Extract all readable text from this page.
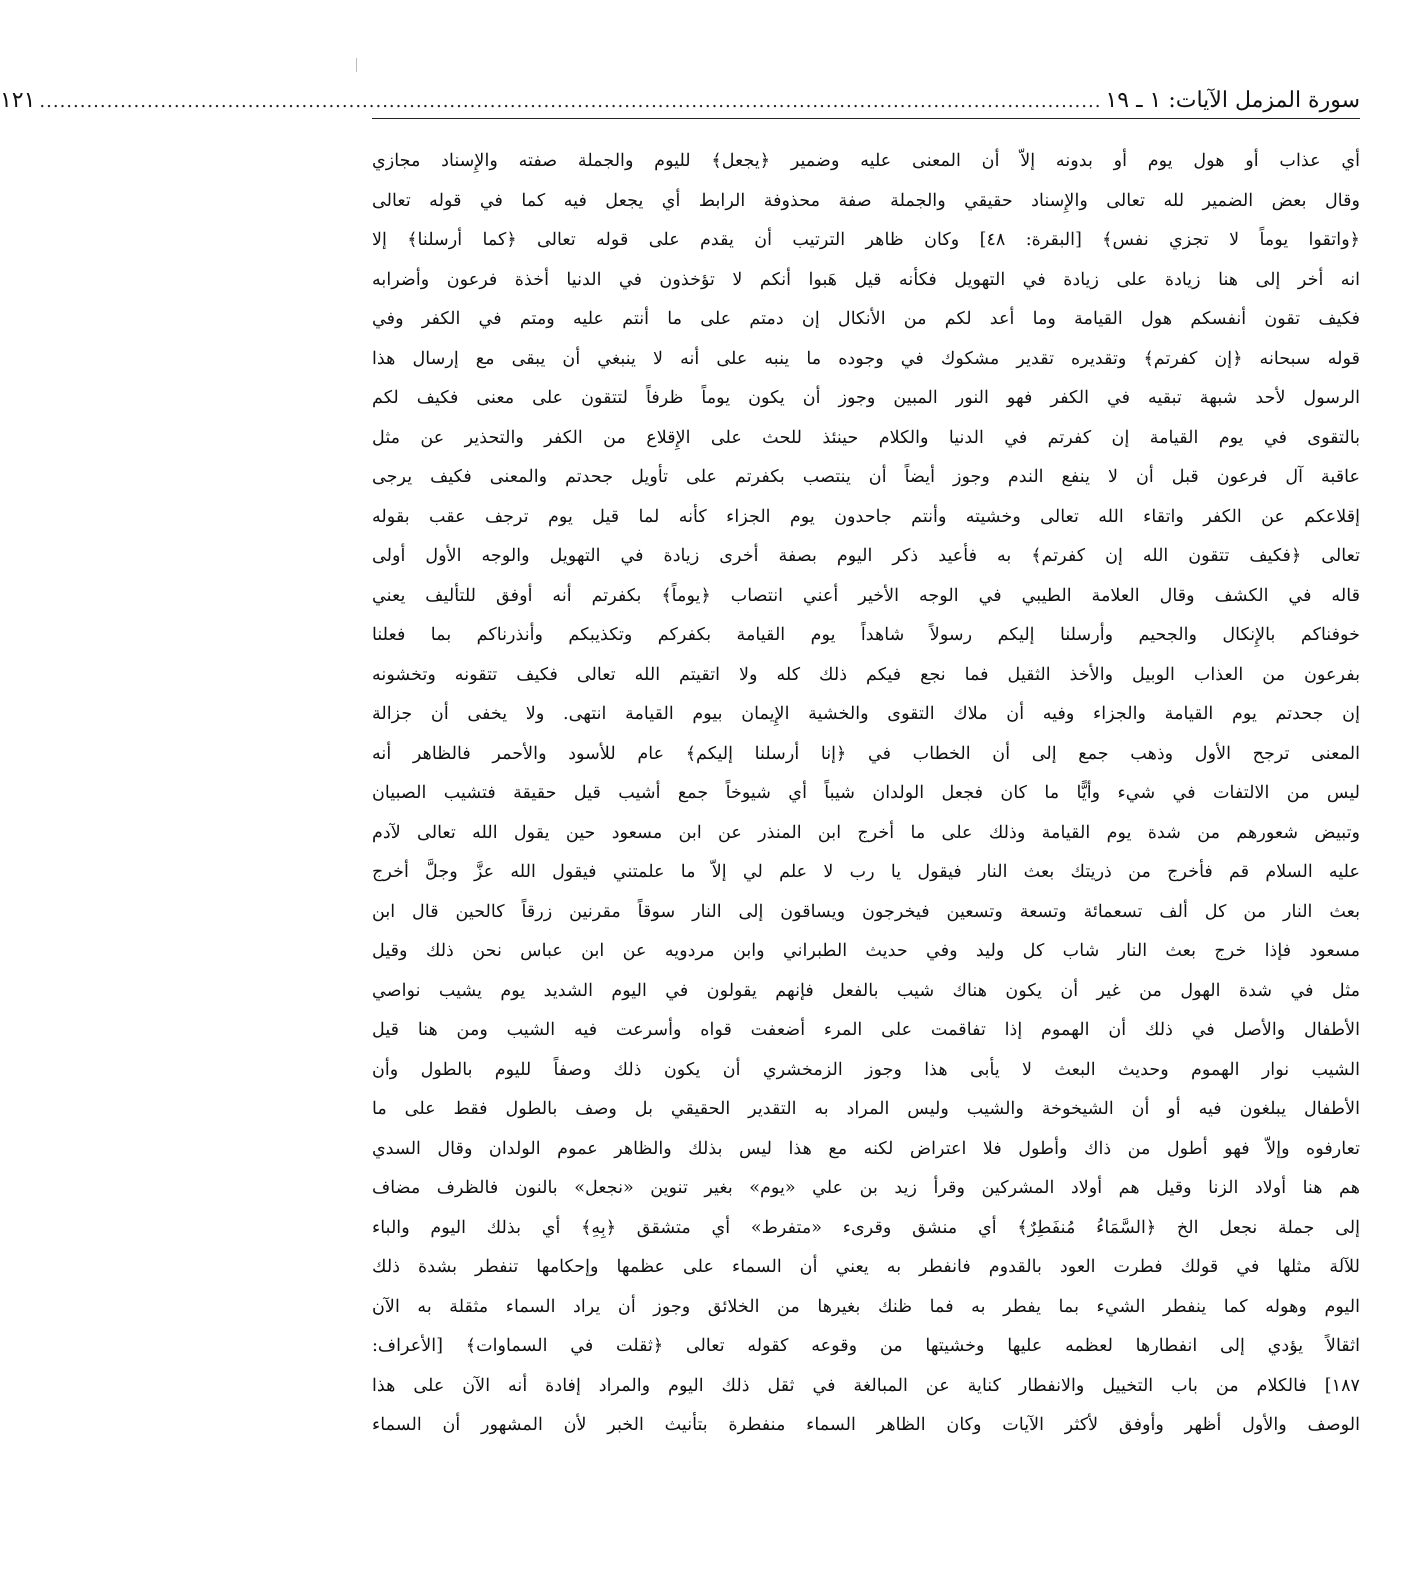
سورة المزمل الآيات: ١ ـ ١٩
..............................................................................................................................................................
١٢١
أي عذاب أو هول يوم أو بدونه إلاّ أن المعنى عليه وضمير ﴿يجعل﴾ لليوم والجملة صفته والإِسناد مجازي
وقال بعض الضمير لله تعالى والإِسناد حقيقي والجملة صفة محذوفة الرابط أي يجعل فيه كما في قوله تعالى
﴿واتقوا يوماً لا تجزي نفس﴾ [البقرة: ٤٨] وكان ظاهر الترتيب أن يقدم على قوله تعالى ﴿كما أرسلنا﴾ إلا
انه أخر إلى هنا زيادة على زيادة في التهويل فكأنه قيل هَبوا أنكم لا تؤخذون في الدنيا أخذة فرعون وأضرابه
فكيف تقون أنفسكم هول القيامة وما أعد لكم من الأنكال إن دمتم على ما أنتم عليه ومتم في الكفر وفي
قوله سبحانه ﴿إن كفرتم﴾ وتقديره تقدير مشكوك في وجوده ما ينبه على أنه لا ينبغي أن يبقى مع إرسال هذا
الرسول لأحد شبهة تبقيه في الكفر فهو النور المبين وجوز أن يكون يوماً ظرفاً لتتقون على معنى فكيف لكم
بالتقوى في يوم القيامة إن كفرتم في الدنيا والكلام حينئذ للحث على الإِقلاع من الكفر والتحذير عن مثل
عاقبة آل فرعون قبل أن لا ينفع الندم وجوز أيضاً أن ينتصب بكفرتم على تأويل جحدتم والمعنى فكيف يرجى
إقلاعكم عن الكفر واتقاء الله تعالى وخشيته وأنتم جاحدون يوم الجزاء كأنه لما قيل يوم ترجف عقب بقوله
تعالى ﴿فكيف تتقون الله إن كفرتم﴾ به فأعيد ذكر اليوم بصفة أخرى زيادة في التهويل والوجه الأول أولى
قاله في الكشف وقال العلامة الطيبي في الوجه الأخير أعني انتصاب ﴿يوماً﴾ بكفرتم أنه أوفق للتأليف يعني
خوفناكم بالإِنكال والجحيم وأرسلنا إليكم رسولاً شاهداً يوم القيامة بكفركم وتكذيبكم وأنذرناكم بما فعلنا
بفرعون من العذاب الوبيل والأخذ الثقيل فما نجع فيكم ذلك كله ولا اتقيتم الله تعالى فكيف تتقونه وتخشونه
إن جحدتم يوم القيامة والجزاء وفيه أن ملاك التقوى والخشية الإِيمان بيوم القيامة انتهى. ولا يخفى أن جزالة
المعنى ترجح الأول وذهب جمع إلى أن الخطاب في ﴿إنا أرسلنا إليكم﴾ عام للأسود والأحمر فالظاهر أنه
ليس من الالتفات في شيء وأيًّا ما كان فجعل الولدان شيباً أي شيوخاً جمع أشيب قيل حقيقة فتشيب الصبيان
وتبيض شعورهم من شدة يوم القيامة وذلك على ما أخرج ابن المنذر عن ابن مسعود حين يقول الله تعالى لآدم
عليه السلام قم فأخرج من ذريتك بعث النار فيقول يا رب لا علم لي إلاّ ما علمتني فيقول الله عزَّ وجلَّ أخرج
بعث النار من كل ألف تسعمائة وتسعة وتسعين فيخرجون ويساقون إلى النار سوقاً مقرنين زرقاً كالحين قال ابن
مسعود فإذا خرج بعث النار شاب كل وليد وفي حديث الطبراني وابن مردويه عن ابن عباس نحن ذلك وقيل
مثل في شدة الهول من غير أن يكون هناك شيب بالفعل فإنهم يقولون في اليوم الشديد يوم يشيب نواصي
الأطفال والأصل في ذلك أن الهموم إذا تفاقمت على المرء أضعفت قواه وأسرعت فيه الشيب ومن هنا قيل
الشيب نوار الهموم وحديث البعث لا يأبى هذا وجوز الزمخشري أن يكون ذلك وصفاً لليوم بالطول وأن
الأطفال يبلغون فيه أو أن الشيخوخة والشيب وليس المراد به التقدير الحقيقي بل وصف بالطول فقط على ما
تعارفوه وإلاّ فهو أطول من ذاك وأطول فلا اعتراض لكنه مع هذا ليس بذلك والظاهر عموم الولدان وقال السدي
هم هنا أولاد الزنا وقيل هم أولاد المشركين وقرأ زيد بن علي «يوم» بغير تنوين «نجعل» بالنون فالظرف مضاف
إلى جملة نجعل الخ ﴿السَّمَاءُ مُنفَطِرٌ﴾ أي منشق وقرىء «متفرط» أي متشقق ﴿بِهِ﴾ أي بذلك اليوم والباء
للآلة مثلها في قولك فطرت العود بالقدوم فانفطر به يعني أن السماء على عظمها وإحكامها تنفطر بشدة ذلك
اليوم وهوله كما ينفطر الشيء بما يفطر به فما ظنك بغيرها من الخلائق وجوز أن يراد السماء مثقلة به الآن
اثقالاً يؤدي إلى انفطارها لعظمه عليها وخشيتها من وقوعه كقوله تعالى ﴿ثقلت في السماوات﴾ [الأعراف:
١٨٧] فالكلام من باب التخييل والانفطار كناية عن المبالغة في ثقل ذلك اليوم والمراد إفادة أنه الآن على هذا
الوصف والأول أظهر وأوفق لأكثر الآيات وكان الظاهر السماء منفطرة بتأنيث الخبر لأن المشهور أن السماء
